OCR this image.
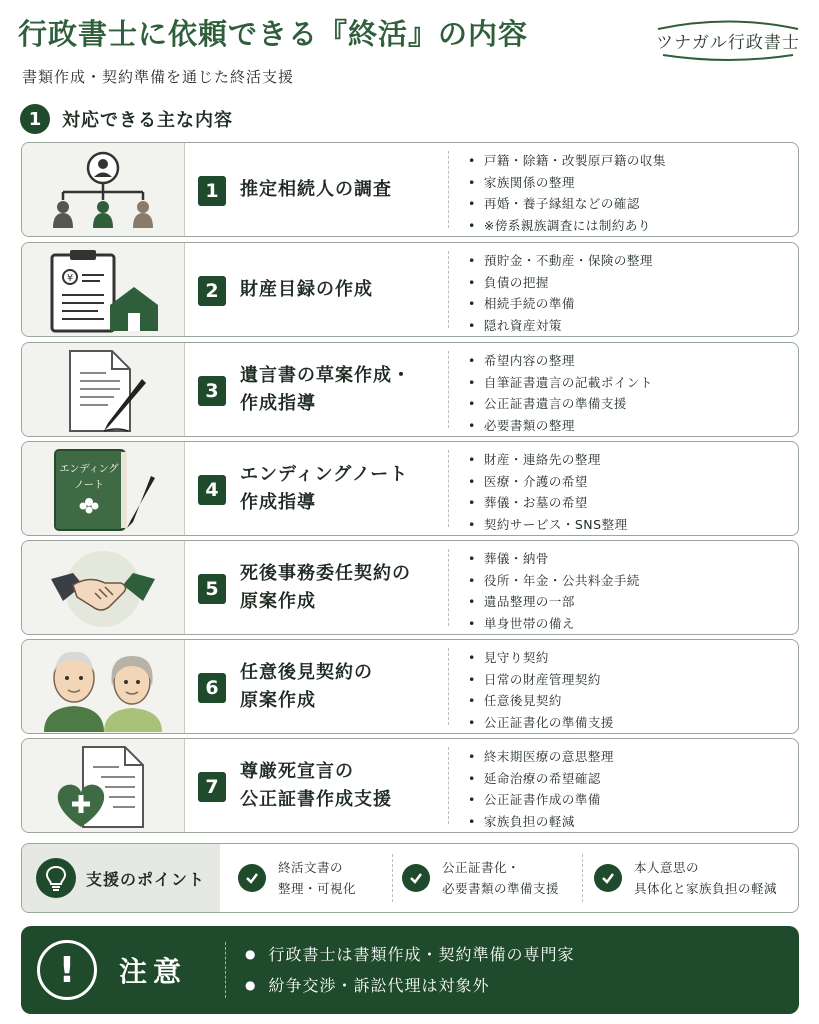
行政書士に依頼できる『終活』の内容	ツナガル行政書士
書類作成・契約準備を通じた終活支援
1	対応できる主な内容
1	推定相続人の調査
• 戸籍・除籍・改製原戸籍の収集
• 家族関係の整理
• 再婚・養子縁組などの確認
• ※傍系親族調査には制約あり
¥
2	財産目録の作成
• 預貯金・不動産・保険の整理
• 負債の把握
• 相続手続の準備
• 隠れ資産対策
3
遺言書の草案作成・
作成指導
• 希望内容の整理
• 自筆証書遺言の記載ポイント
• 公正証書遺言の準備支援
• 必要書類の整理
エンディング
ノート	4
エンディングノート
作成指導
• 財産・連絡先の整理
• 医療・介護の希望
• 葬儀・お墓の希望
• 契約サービス・SNS整理
5
死後事務委任契約の
原案作成
• 葬儀・納骨
• 役所・年金・公共料金手続
• 遺品整理の一部
• 単身世帯の備え
6
任意後見契約の
原案作成
• 見守り契約
• 日常の財産管理契約
• 任意後見契約
• 公正証書化の準備支援
7
尊厳死宣言の
公正証書作成支援
• 終末期医療の意思整理
• 延命治療の希望確認
• 公正証書作成の準備
• 家族負担の軽減
支援のポイント
終活文書の
整理・可視化
公正証書化・
必要書類の準備支援
本人意思の
具体化と家族負担の軽減
!	注意
● 行政書士は書類作成・契約準備の専門家
● 紛争交渉・訴訟代理は対象外
